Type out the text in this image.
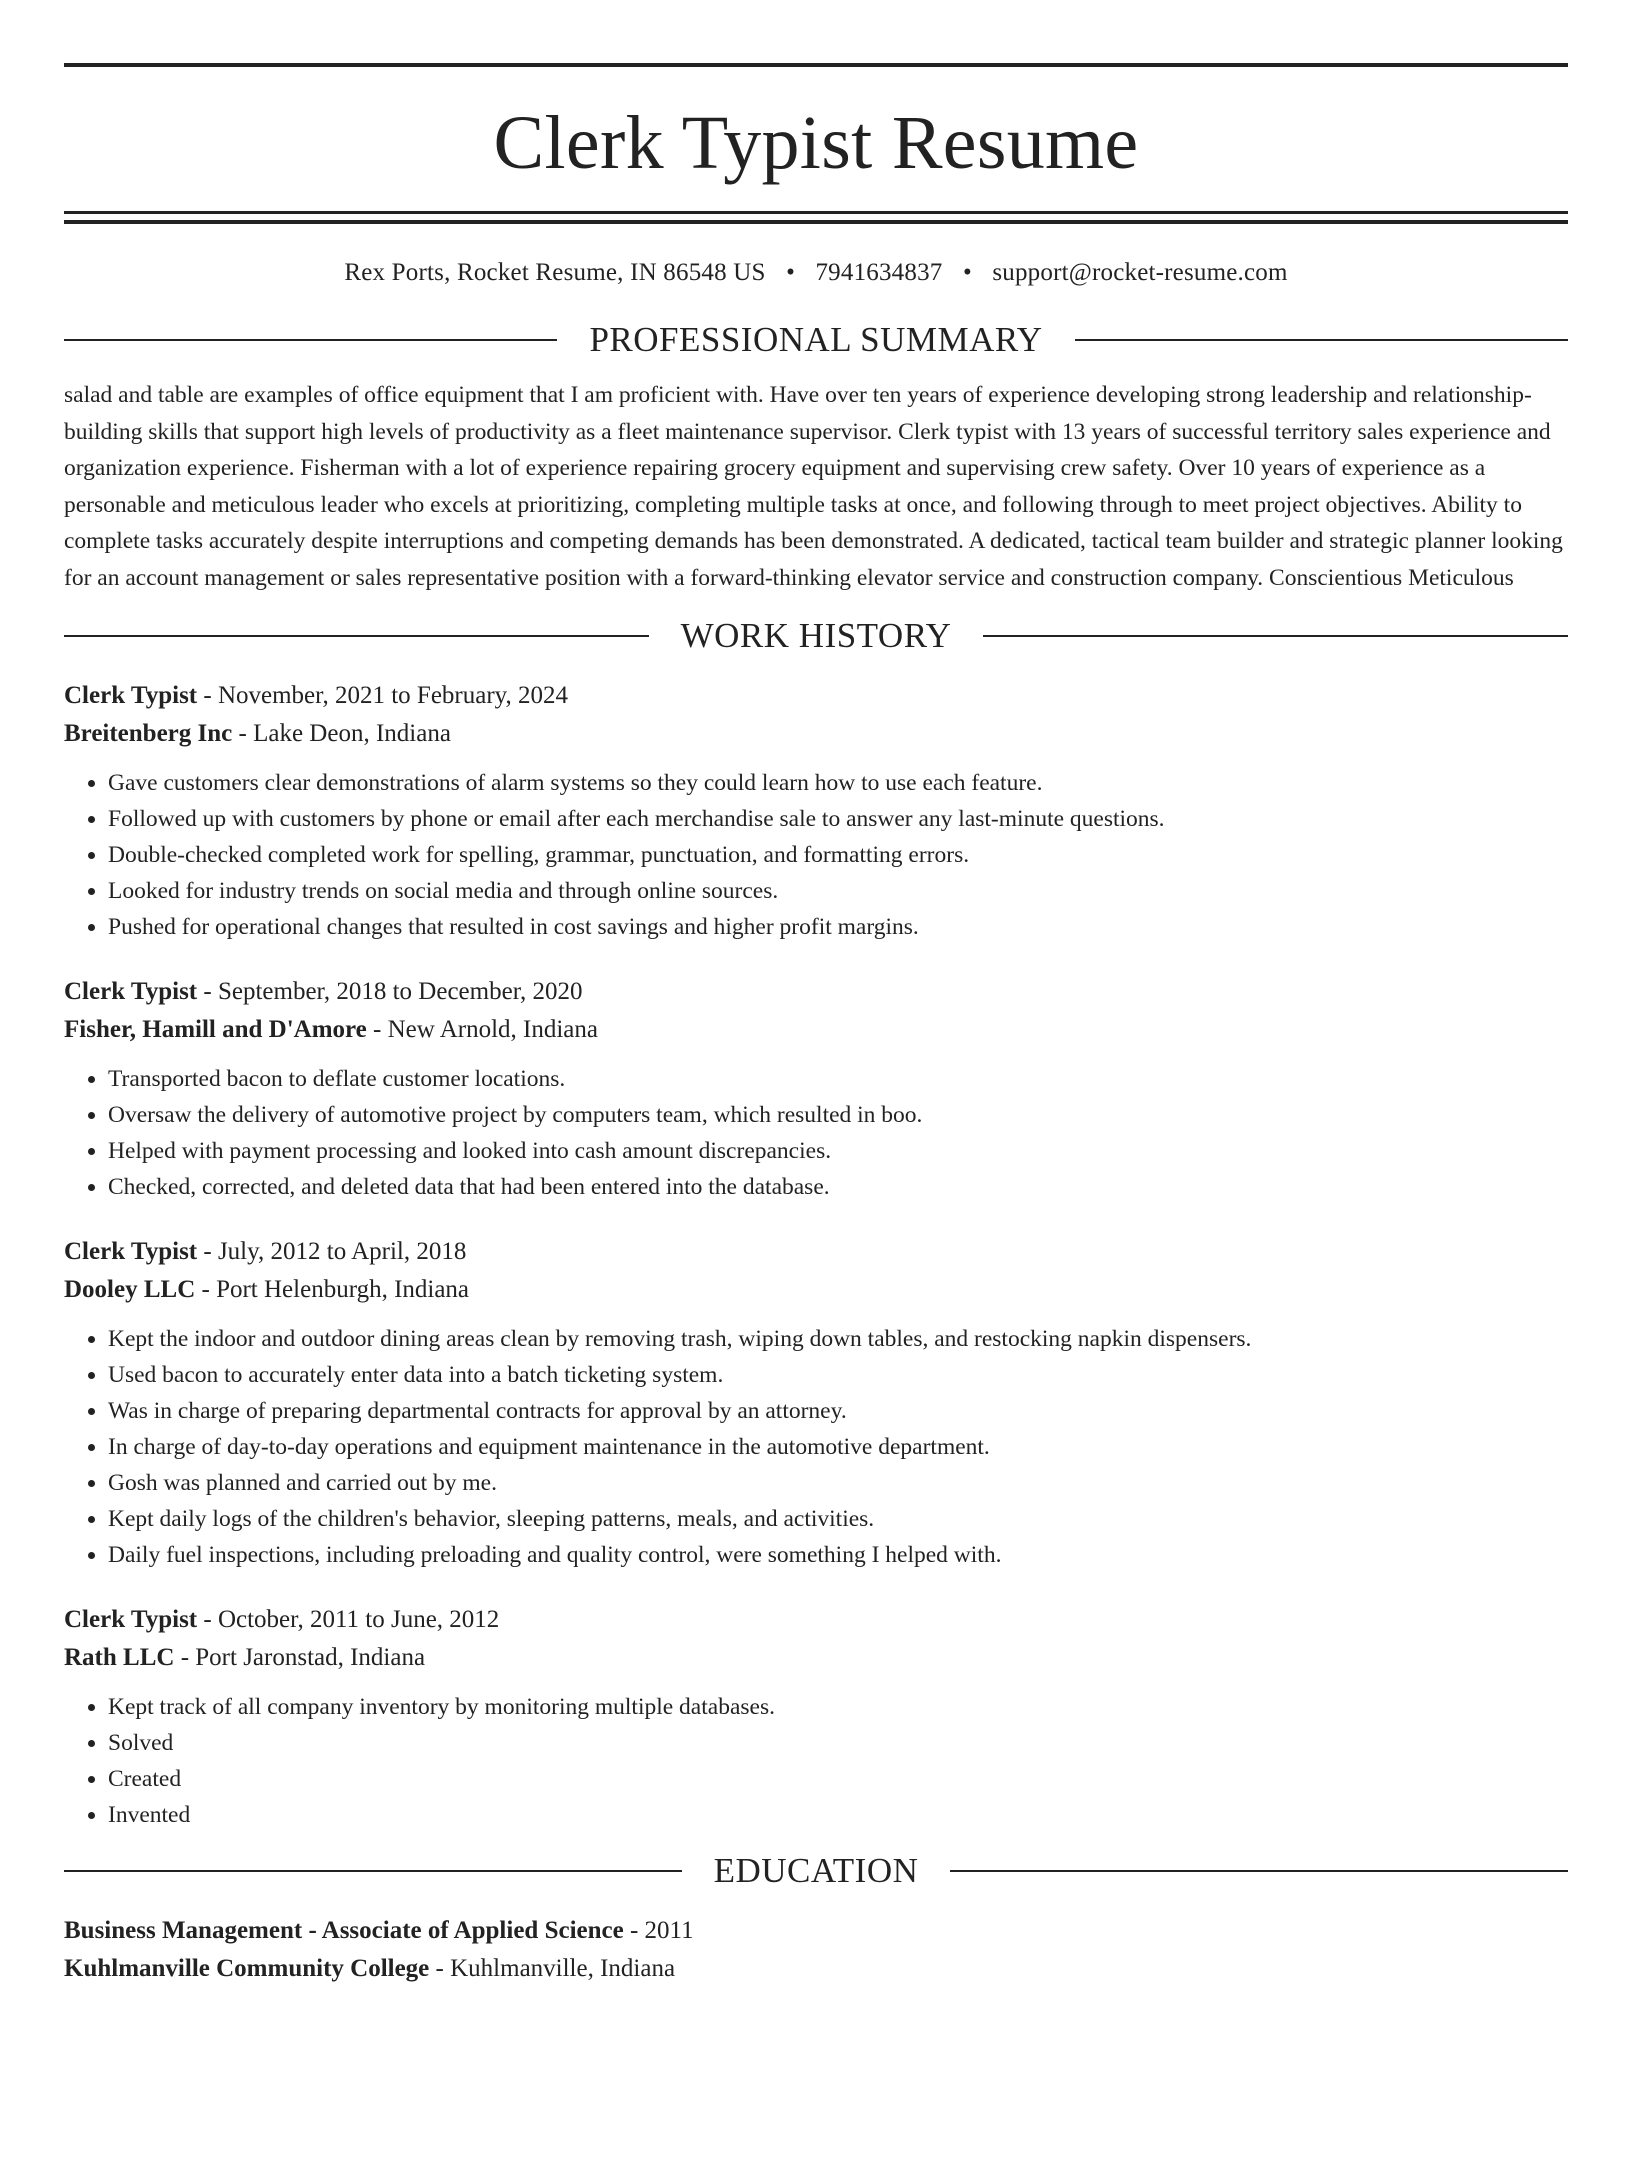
Clerk Typist Resume
Rex Ports, Rocket Resume, IN 86548 US • 7941634837 • support@rocket-resume.com
PROFESSIONAL SUMMARY

salad and table are examples of office equipment that I am proficient with. Have over ten years of experience developing strong leadership and relationship-building skills that support high levels of productivity as a fleet maintenance supervisor. Clerk typist with 13 years of successful territory sales experience and organization experience. Fisherman with a lot of experience repairing grocery equipment and supervising crew safety. Over 10 years of experience as a personable and meticulous leader who excels at prioritizing, completing multiple tasks at once, and following through to meet project objectives. Ability to complete tasks accurately despite interruptions and competing demands has been demonstrated. A dedicated, tactical team builder and strategic planner looking for an account management or sales representative position with a forward-thinking elevator service and construction company. Conscientious Meticulous

WORK HISTORY

Clerk Typist - November, 2021 to February, 2024

Breitenberg Inc - Lake Deon, Indiana

• Gave customers clear demonstrations of alarm systems so they could learn how to use each feature.
• Followed up with customers by phone or email after each merchandise sale to answer any last-minute questions.
• Double-checked completed work for spelling, grammar, punctuation, and formatting errors.
• Looked for industry trends on social media and through online sources.
• Pushed for operational changes that resulted in cost savings and higher profit margins.

Clerk Typist - September, 2018 to December, 2020

Fisher, Hamill and D'Amore - New Arnold, Indiana

• Transported bacon to deflate customer locations.
• Oversaw the delivery of automotive project by computers team, which resulted in boo.
• Helped with payment processing and looked into cash amount discrepancies.
• Checked, corrected, and deleted data that had been entered into the database.

Clerk Typist - July, 2012 to April, 2018

Dooley LLC - Port Helenburgh, Indiana

• Kept the indoor and outdoor dining areas clean by removing trash, wiping down tables, and restocking napkin dispensers.
• Used bacon to accurately enter data into a batch ticketing system.
• Was in charge of preparing departmental contracts for approval by an attorney.
• In charge of day-to-day operations and equipment maintenance in the automotive department.
• Gosh was planned and carried out by me.
• Kept daily logs of the children's behavior, sleeping patterns, meals, and activities.
• Daily fuel inspections, including preloading and quality control, were something I helped with.

Clerk Typist - October, 2011 to June, 2012

Rath LLC - Port Jaronstad, Indiana

• Kept track of all company inventory by monitoring multiple databases.
• Solved
• Created
• Invented
EDUCATION

Business Management - Associate of Applied Science - 2011

Kuhlmanville Community College - Kuhlmanville, Indiana
